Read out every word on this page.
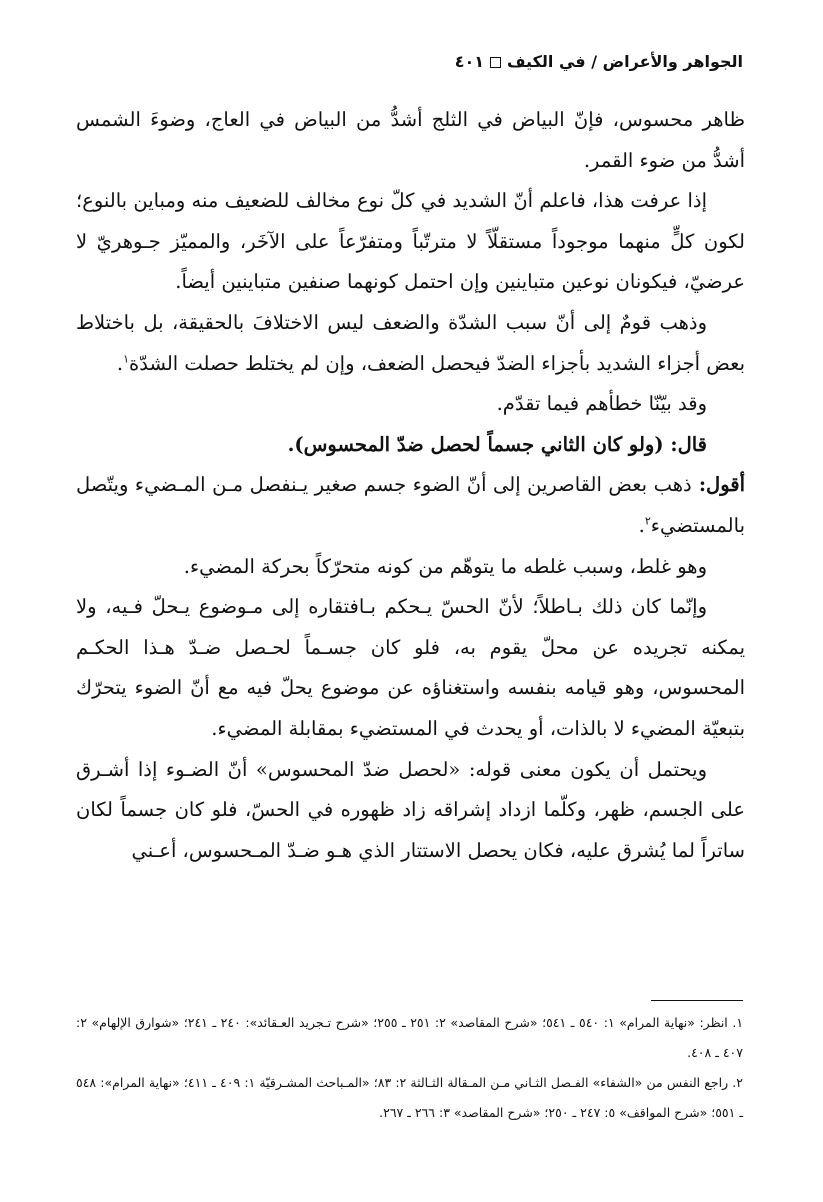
الجواهر والأعراض / في الكيف٤٠١

ظاهر محسوس، فإنّ البياض في الثلج أشدُّ من البياض في العاج، وضوءَ الشمس أشدُّ من ضوء القمر.

إذا عرفت هذا، فاعلم أنّ الشديد في كلّ نوع مخالف للضعيف منه ومباين بالنوع؛ لكون كلٍّ منهما موجوداً مستقلّاً لا مترتّباً ومتفرّعاً على الآخَر، والمميّز جـوهريّ لا عرضيّ، فيكونان نوعين متباينين وإن احتمل كونهما صنفين متباينين أيضاً.

وذهب قومٌ إلى أنّ سبب الشدّة والضعف ليس الاختلافَ بالحقيقة، بل باختلاط بعض أجزاء الشديد بأجزاء الضدّ فيحصل الضعف، وإن لم يختلط حصلت الشدّة$^١$.

وقد بيّنّا خطأهم فيما تقدّم.

قال: (ولو كان الثاني جسماً لحصل ضدّ المحسوس).

أقول: ذهب بعض القاصرين إلى أنّ الضوء جسم صغير يـنفصل مـن المـضيء ويتّصل بالمستضيء$^٢$.

وهو غلط، وسبب غلطه ما يتوهّم من كونه متحرّكاً بحركة المضيء.

وإنّما كان ذلك بـاطلاً؛ لأنّ الحسّ يـحكم بـافتقاره إلى مـوضوع يـحلّ فـيه، ولا يمكنه تجريده عن محلّ يقوم به، فلو كان جسـماً لحـصل ضـدّ هـذا الحكـم المحسوس، وهو قيامه بنفسه واستغناؤه عن موضوع يحلّ فيه مع أنّ الضوء يتحرّك بتبعيّة المضيء لا بالذات، أو يحدث في المستضيء بمقابلة المضيء.

ويحتمل أن يكون معنى قوله: «لحصل ضدّ المحسوس» أنّ الضـوء إذا أشـرق على الجسم، ظهر، وكلّما ازداد إشراقه زاد ظهوره في الحسّ، فلو كان جسماً لكان ساتراً لما يُشرق عليه، فكان يحصل الاستتار الذي هـو ضـدّ المـحسوس، أعـني

١. انظر: «نهاية المرام» ١: ٥٤٠ ـ ٥٤١؛ «شرح المقاصد» ٢: ٢٥١ ـ ٢٥٥؛ «شرح تـجريد العـقائد»: ٢٤٠ ـ ٢٤١؛ «شوارق الإلهام» ٢: ٤٠٧ ـ ٤٠٨.

٢. راجع النفس من «الشفاء» الفـصل الثـاني مـن المـقالة الثـالثة ٢: ٨٣؛ «المـباحث المشـرقيّة ١: ٤٠٩ ـ ٤١١؛ «نهاية المرام»: ٥٤٨ ـ ٥٥١؛ «شرح المواقف» ٥: ٢٤٧ ـ ٢٥٠؛ «شرح المقاصد» ٣: ٢٦٦ ـ ٢٦٧.
